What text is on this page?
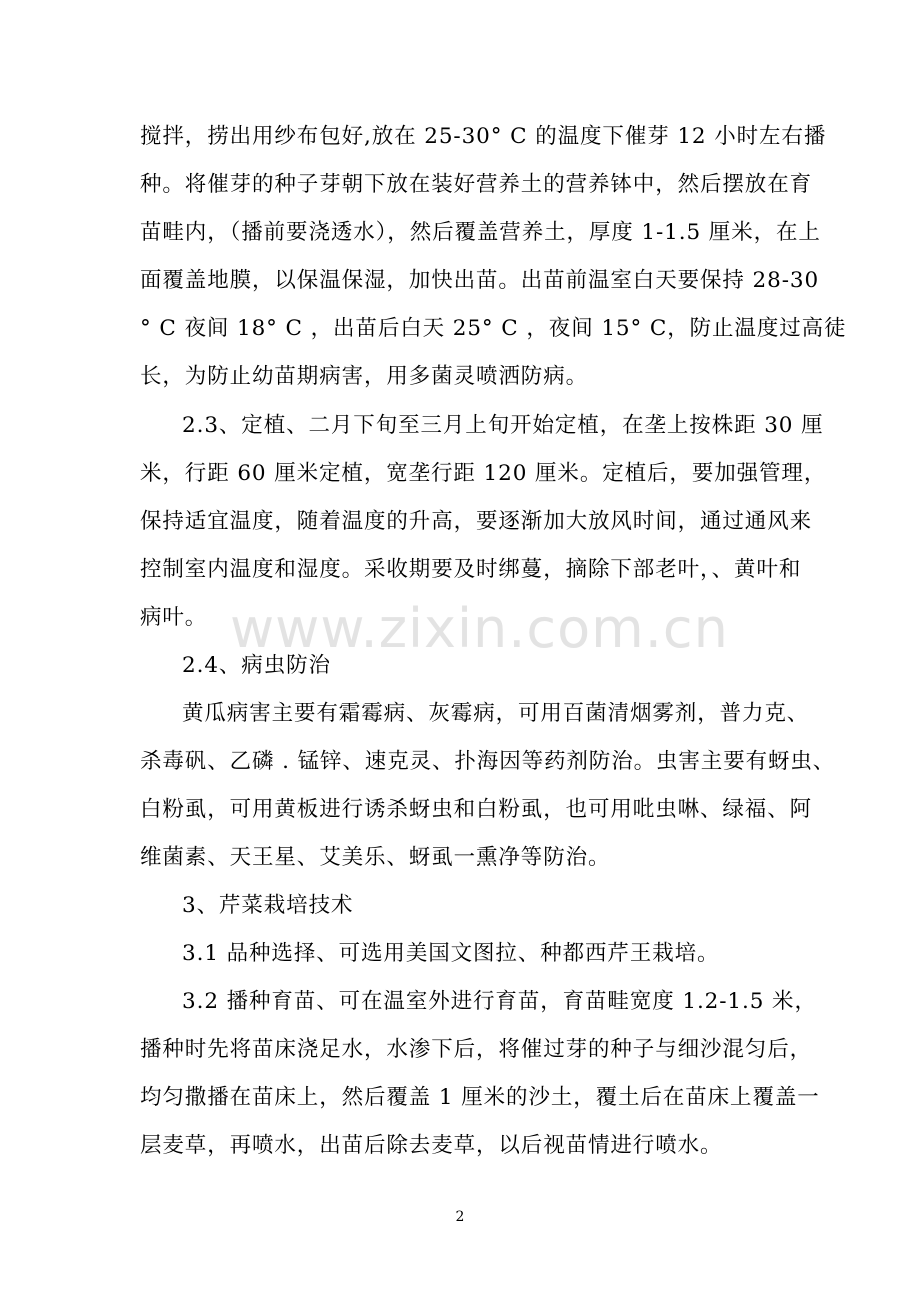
www.zixin.com.cn
搅拌，捞出用纱布包好,放在 25-30° C 的温度下催芽 12 小时左右播
种。将催芽的种子芽朝下放在装好营养土的营养钵中，然后摆放在育
苗畦内，（播前要浇透水），然后覆盖营养土，厚度 1-1.5 厘米，在上
面覆盖地膜，以保温保湿，加快出苗。出苗前温室白天要保持 28-30
° C 夜间 18° C ，出苗后白天 25° C ，夜间 15° C，防止温度过高徒
长，为防止幼苗期病害，用多菌灵喷洒防病。
2.3、定植、二月下旬至三月上旬开始定植，在垄上按株距 30 厘
米，行距 60 厘米定植，宽垄行距 120 厘米。定植后，要加强管理，
保持适宜温度，随着温度的升高，要逐渐加大放风时间，通过通风来
控制室内温度和湿度。采收期要及时绑蔓，摘除下部老叶，、黄叶和
病叶。
2.4、病虫防治
黄瓜病害主要有霜霉病、灰霉病，可用百菌清烟雾剂，普力克、
杀毒矾、乙磷 . 锰锌、速克灵、扑海因等药剂防治。虫害主要有蚜虫、
白粉虱，可用黄板进行诱杀蚜虫和白粉虱，也可用吡虫啉、绿福、阿
维菌素、天王星、艾美乐、蚜虱一熏净等防治。
3、芹菜栽培技术
3.1 品种选择、可选用美国文图拉、种都西芹王栽培。
3.2 播种育苗、可在温室外进行育苗，育苗畦宽度 1.2-1.5 米，
播种时先将苗床浇足水，水渗下后，将催过芽的种子与细沙混匀后，
均匀撒播在苗床上，然后覆盖 1 厘米的沙土，覆土后在苗床上覆盖一
层麦草，再喷水，出苗后除去麦草，以后视苗情进行喷水。
2
